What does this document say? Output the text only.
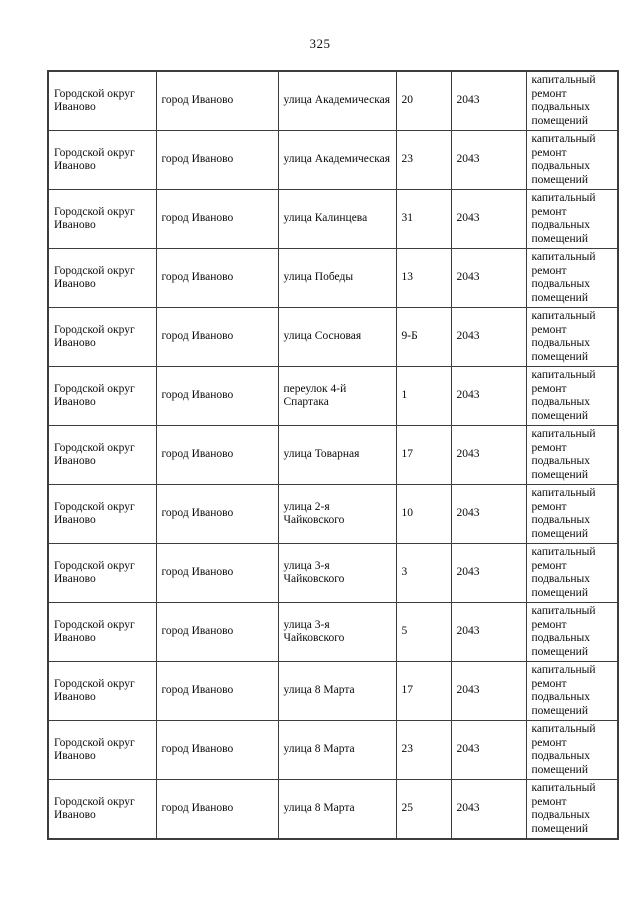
325
Городской округ Иваново	город Иваново	улица Академическая	20	2043	капитальный ремонт подвальных помещений
Городской округ Иваново	город Иваново	улица Академическая	23	2043	капитальный ремонт подвальных помещений
Городской округ Иваново	город Иваново	улица Калинцева	31	2043	капитальный ремонт подвальных помещений
Городской округ Иваново	город Иваново	улица Победы	13	2043	капитальный ремонт подвальных помещений
Городской округ Иваново	город Иваново	улица Сосновая	9-Б	2043	капитальный ремонт подвальных помещений
Городской округ Иваново	город Иваново	переулок 4-й Спартака	1	2043	капитальный ремонт подвальных помещений
Городской округ Иваново	город Иваново	улица Товарная	17	2043	капитальный ремонт подвальных помещений
Городской округ Иваново	город Иваново	улица 2-я Чайковского	10	2043	капитальный ремонт подвальных помещений
Городской округ Иваново	город Иваново	улица 3-я Чайковского	3	2043	капитальный ремонт подвальных помещений
Городской округ Иваново	город Иваново	улица 3-я Чайковского	5	2043	капитальный ремонт подвальных помещений
Городской округ Иваново	город Иваново	улица 8 Марта	17	2043	капитальный ремонт подвальных помещений
Городской округ Иваново	город Иваново	улица 8 Марта	23	2043	капитальный ремонт подвальных помещений
Городской округ Иваново	город Иваново	улица 8 Марта	25	2043	капитальный ремонт подвальных помещений
